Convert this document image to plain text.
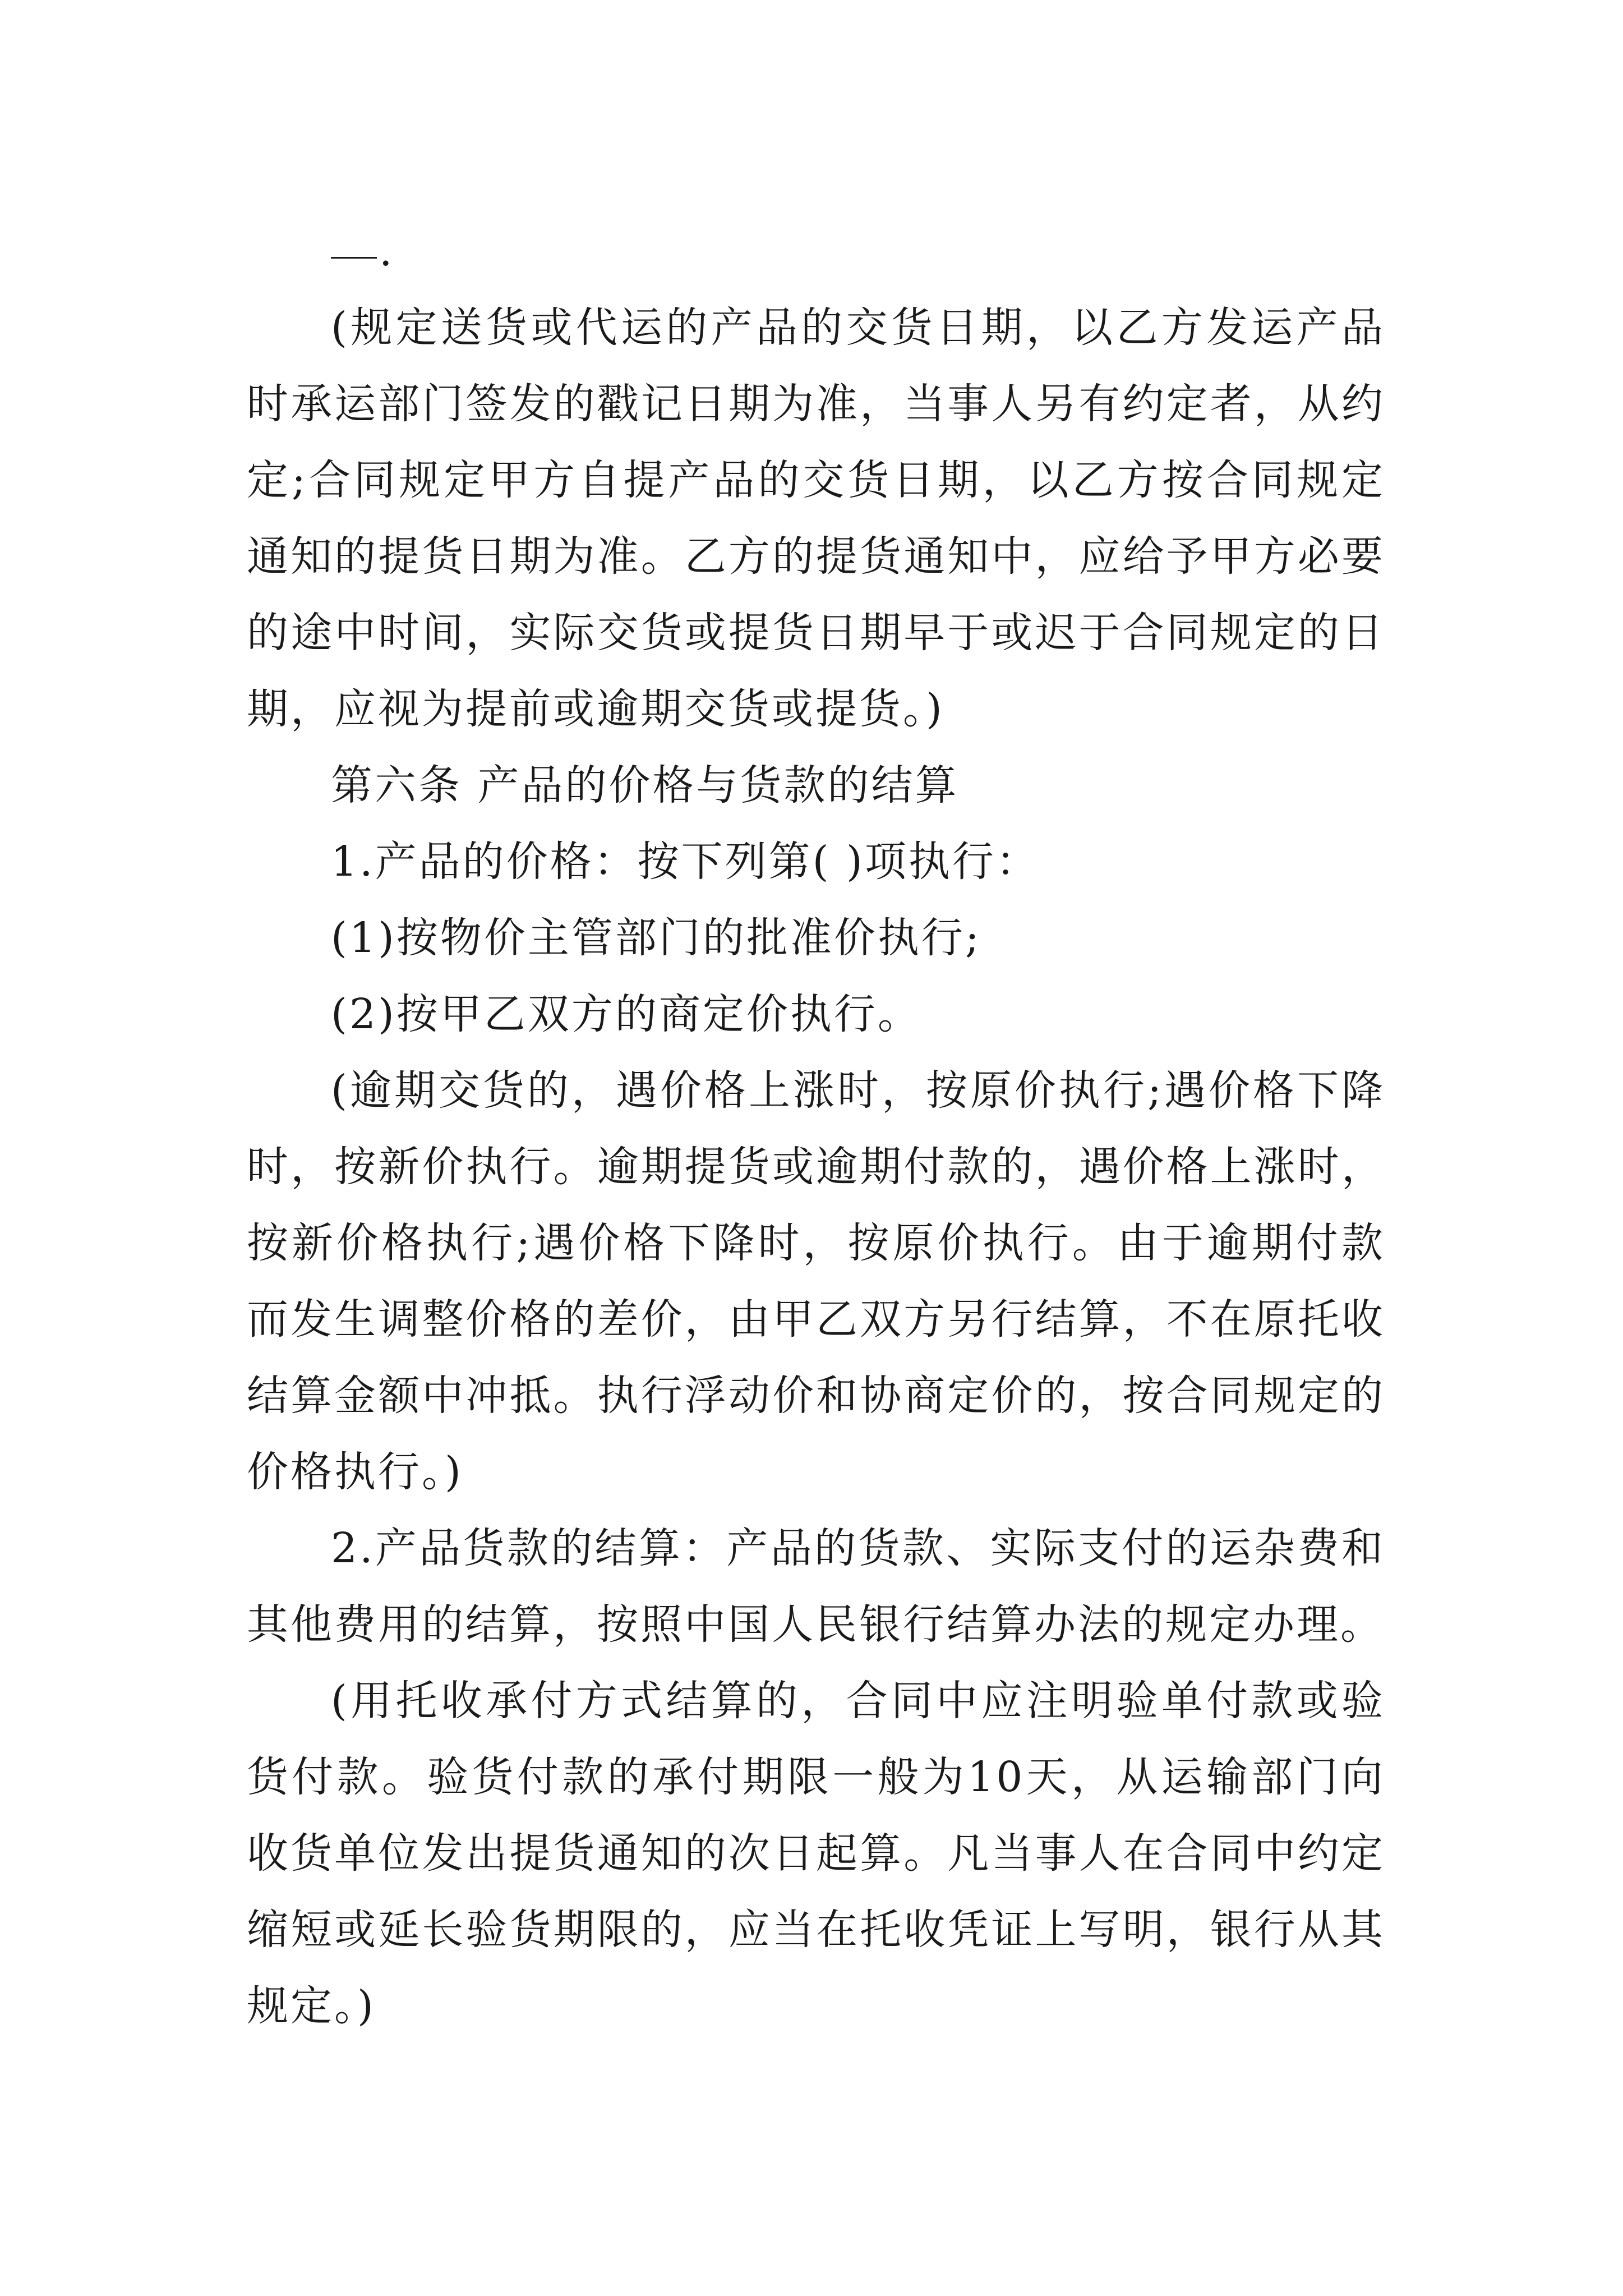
.

(规定送货或代运的产品的交货日期，以乙方发运产品时承运部门签发的戳记日期为准，当事人另有约定者，从约定;合同规定甲方自提产品的交货日期，以乙方按合同规定通知的提货日期为准。乙方的提货通知中，应给予甲方必要的途中时间，实际交货或提货日期早于或迟于合同规定的日期，应视为提前或逾期交货或提货。)

第六条 产品的价格与货款的结算

1.产品的价格：按下列第( )项执行：

(1)按物价主管部门的批准价执行;

(2)按甲乙双方的商定价执行。

(逾期交货的，遇价格上涨时，按原价执行;遇价格下降时，按新价执行。逾期提货或逾期付款的，遇价格上涨时，按新价格执行;遇价格下降时，按原价执行。由于逾期付款而发生调整价格的差价，由甲乙双方另行结算，不在原托收结算金额中冲抵。执行浮动价和协商定价的，按合同规定的价格执行。)

2.产品货款的结算：产品的货款、实际支付的运杂费和其他费用的结算，按照中国人民银行结算办法的规定办理。

(用托收承付方式结算的，合同中应注明验单付款或验货付款。验货付款的承付期限一般为10天，从运输部门向收货单位发出提货通知的次日起算。凡当事人在合同中约定缩短或延长验货期限的，应当在托收凭证上写明，银行从其规定。)
